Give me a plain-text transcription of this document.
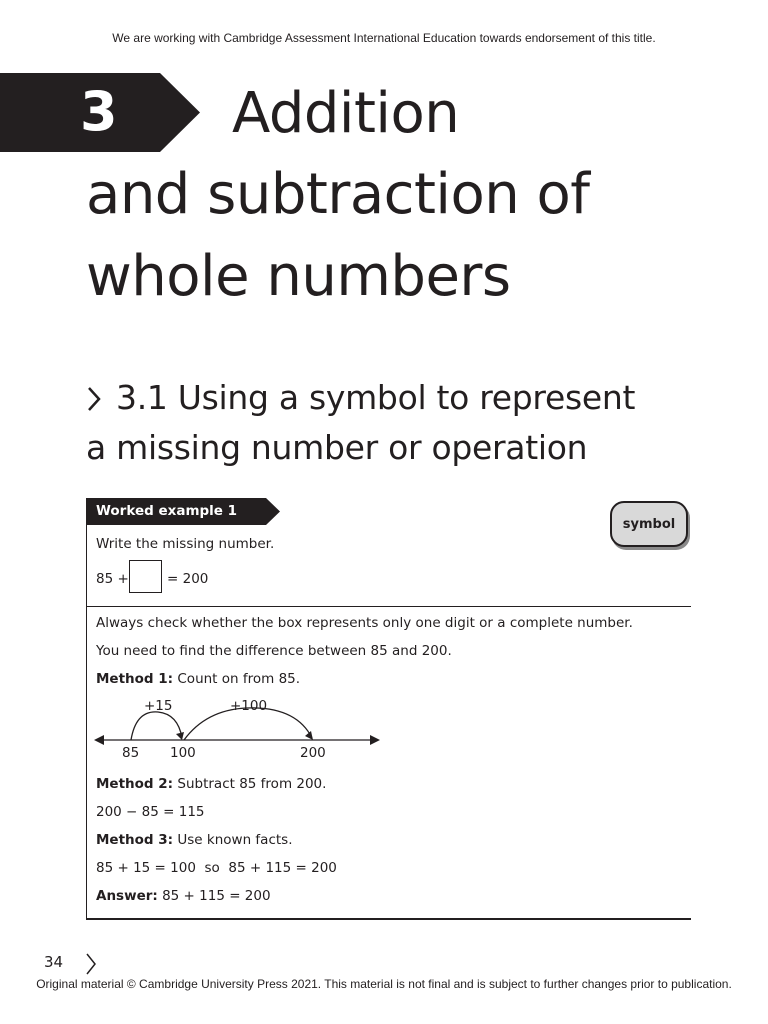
We are working with Cambridge Assessment International Education towards endorsement of this title.
3 Addition
and subtraction of
whole numbers
3.1 Using a symbol to represent
a missing number or operation
Worked example 1
Write the missing number.
85 +	= 200
symbol
Always check whether the box represents only one digit or a complete number.
You need to find the difference between 85 and 200.
Method 1: Count on from 85.
+15	+100
85 100	200
Method 2: Subtract 85 from 200.
200 − 85 = 115
Method 3: Use known facts.
85 + 15 = 100  so  85 + 115 = 200
Answer: 85 + 115 = 200
34
Original material © Cambridge University Press 2021. This material is not final and is subject to further changes prior to publication.
